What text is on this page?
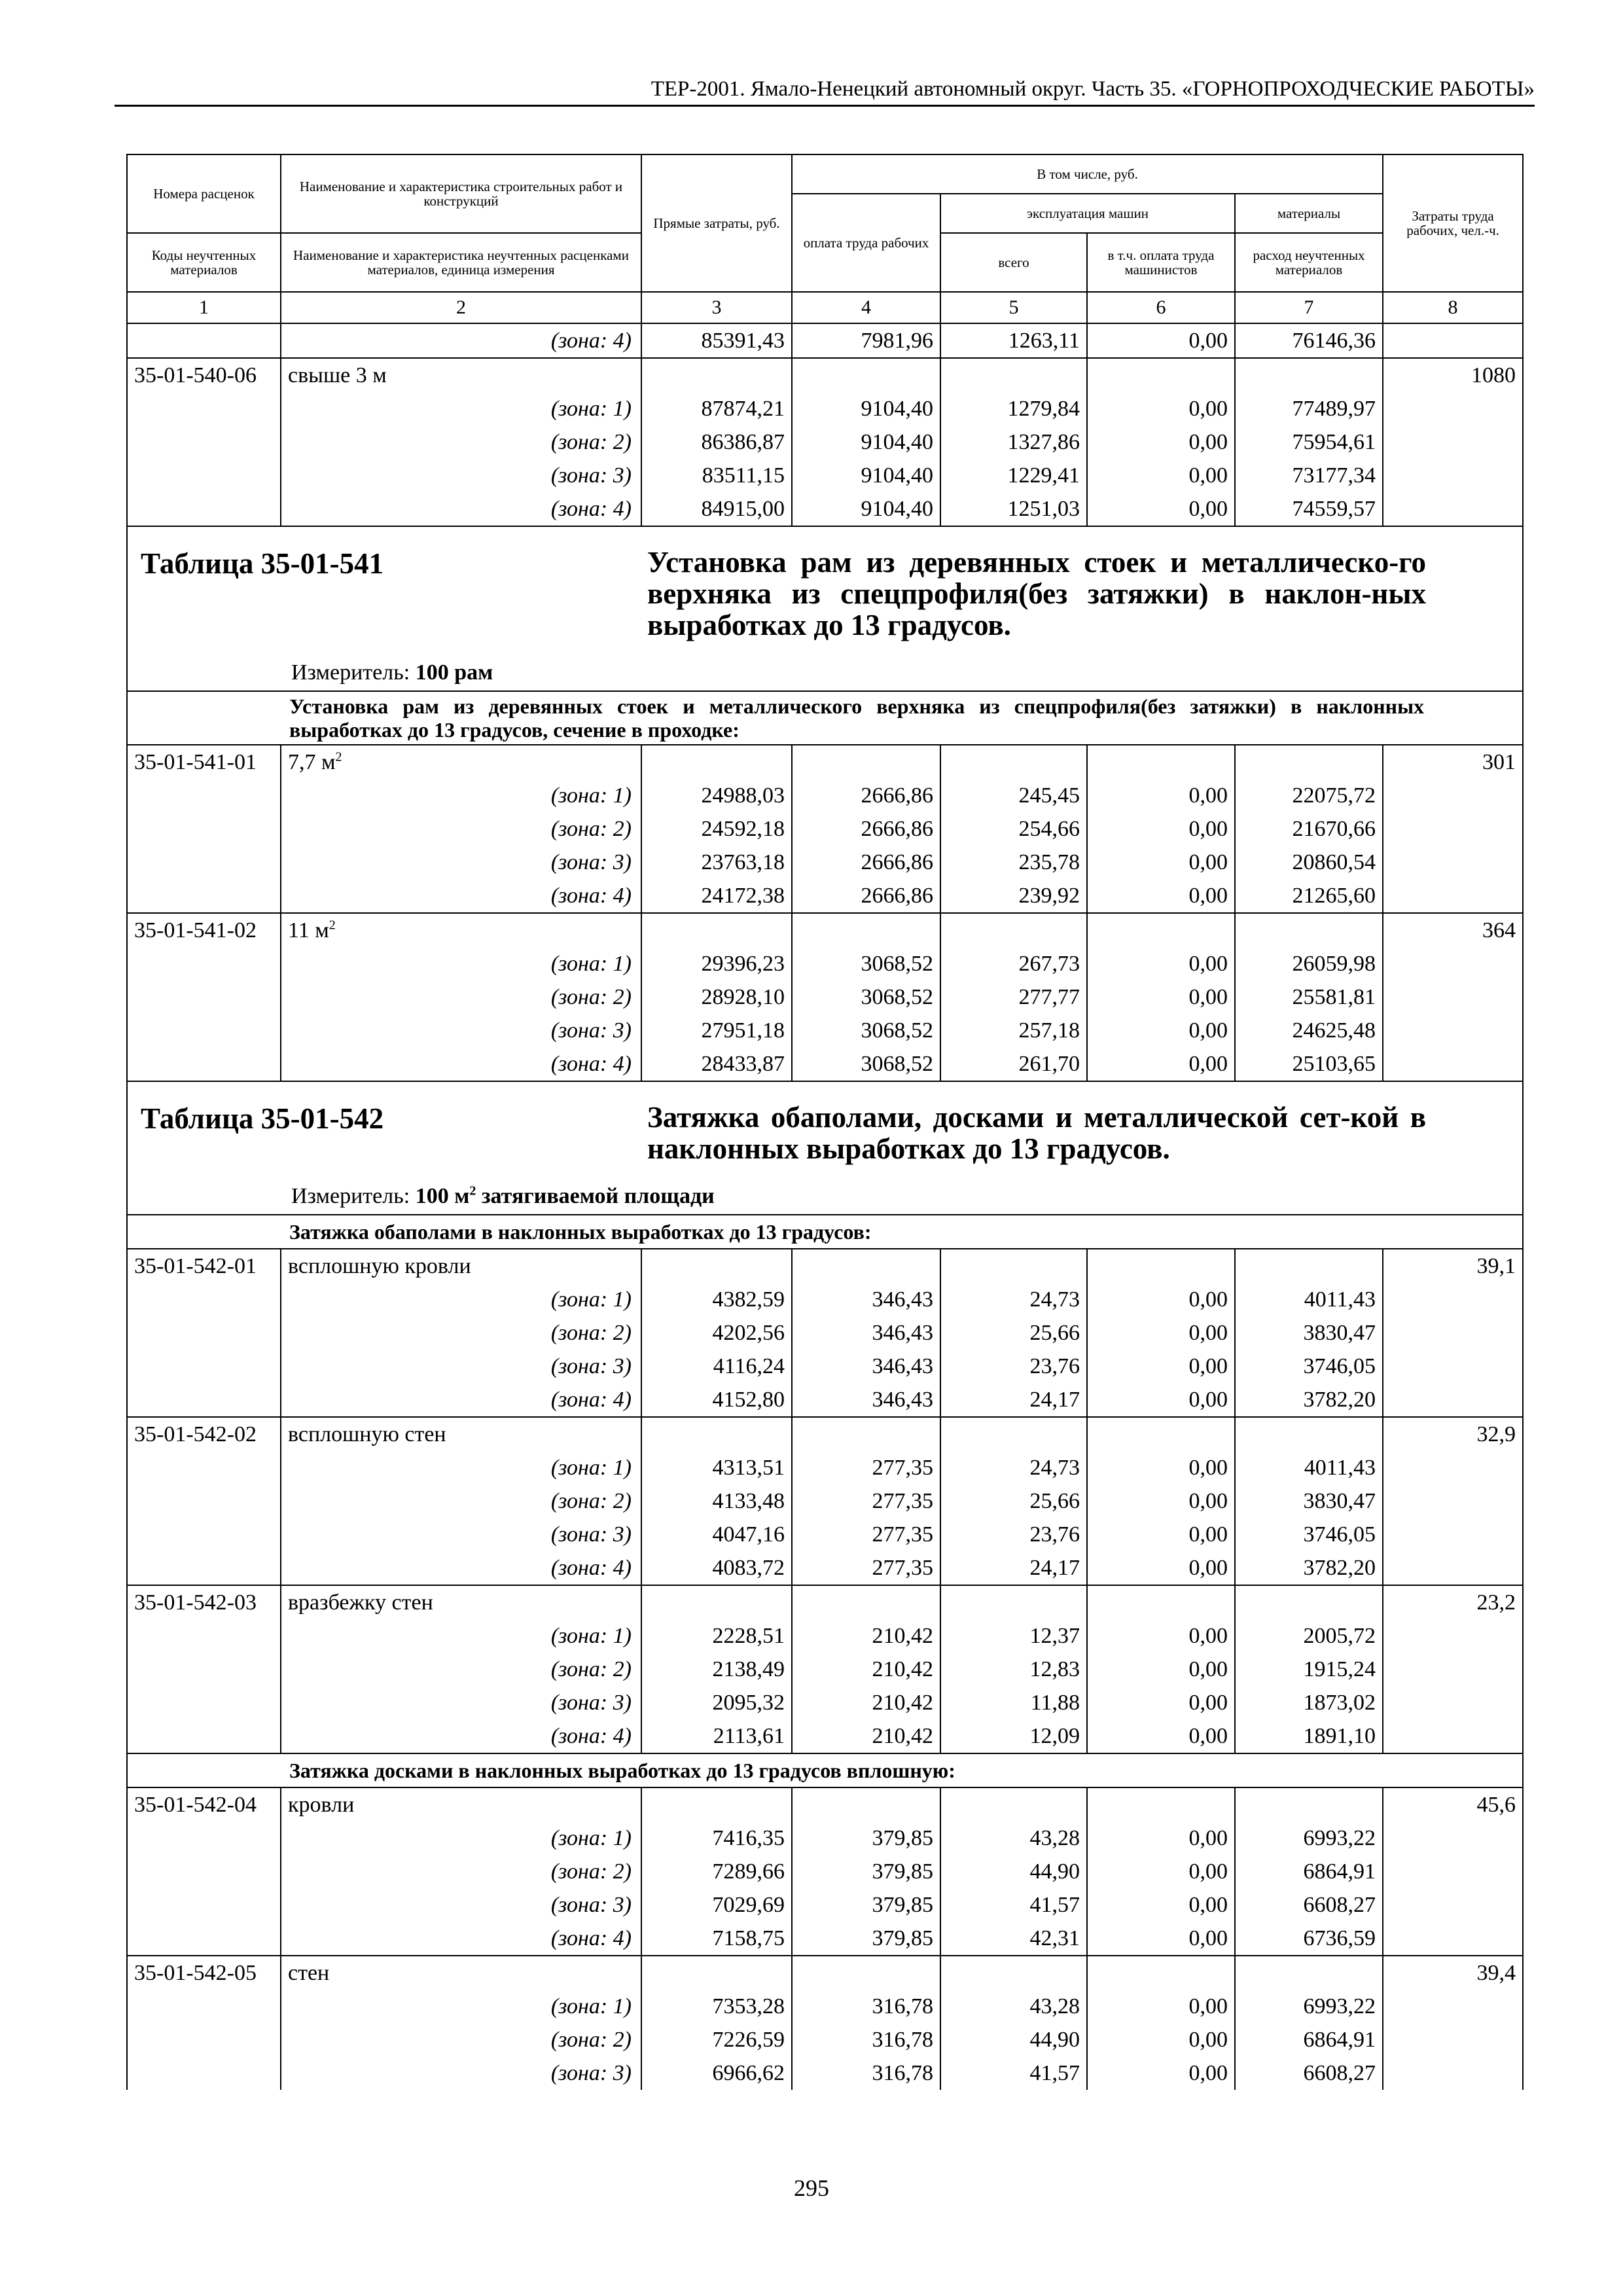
ТЕР-2001. Ямало-Ненецкий автономный округ. Часть 35. «ГОРНОПРОХОДЧЕСКИЕ РАБОТЫ»
Номера расценок	Наименование и характеристика строительных работ и конструкций	Прямые затраты, руб.	В том числе, руб.				Затраты труда рабочих, чел.-ч.
			оплата труда рабочих	эксплуатация машин		материалы	
Коды неучтенных материалов	Наименование и характеристика неучтенных расценками материалов, единица измерения			всего	в т.ч. оплата труда машинистов	расход неучтенных материалов	
1	2	3	4	5	6	7	8
	(зона: 4)	85391,43	7981,96	1263,11	0,00	76146,36	
35-01-540-06	свыше 3 м						1080
	(зона: 1)	87874,21	9104,40	1279,84	0,00	77489,97	
	(зона: 2)	86386,87	9104,40	1327,86	0,00	75954,61	
	(зона: 3)	83511,15	9104,40	1229,41	0,00	73177,34	
	(зона: 4)	84915,00	9104,40	1251,03	0,00	74559,57	

Таблица 35-01-541 Установка рам из деревянных стоек и металлическо-го верхняка из спецпрофиля(без затяжки) в наклон-ных выработках до 13 градусов.
Измеритель: 100 рам							

Установка рам из деревянных стоек и металлического верхняка из спецпрофиля(без затяжки) в наклонных выработках до 13 градусов, сечение в проходке:							

35-01-541-01	7,7 $м^2$						301
	(зона: 1)	24988,03	2666,86	245,45	0,00	22075,72	
	(зона: 2)	24592,18	2666,86	254,66	0,00	21670,66	
	(зона: 3)	23763,18	2666,86	235,78	0,00	20860,54	
	(зона: 4)	24172,38	2666,86	239,92	0,00	21265,60	
35-01-541-02	11 $м^2$						364
	(зона: 1)	29396,23	3068,52	267,73	0,00	26059,98	
	(зона: 2)	28928,10	3068,52	277,77	0,00	25581,81	
	(зона: 3)	27951,18	3068,52	257,18	0,00	24625,48	
	(зона: 4)	28433,87	3068,52	261,70	0,00	25103,65	

Таблица 35-01-542 Затяжка обаполами, досками и металлической сет-кой в наклонных выработках до 13 градусов.
Измеритель: 100 $м^2$ затягиваемой площади							

Затяжка обаполами в наклонных выработках до 13 градусов:							

35-01-542-01	всплошную кровли						39,1
	(зона: 1)	4382,59	346,43	24,73	0,00	4011,43	
	(зона: 2)	4202,56	346,43	25,66	0,00	3830,47	
	(зона: 3)	4116,24	346,43	23,76	0,00	3746,05	
	(зона: 4)	4152,80	346,43	24,17	0,00	3782,20	
35-01-542-02	всплошную стен						32,9
	(зона: 1)	4313,51	277,35	24,73	0,00	4011,43	
	(зона: 2)	4133,48	277,35	25,66	0,00	3830,47	
	(зона: 3)	4047,16	277,35	23,76	0,00	3746,05	
	(зона: 4)	4083,72	277,35	24,17	0,00	3782,20	
35-01-542-03	вразбежку стен						23,2
	(зона: 1)	2228,51	210,42	12,37	0,00	2005,72	
	(зона: 2)	2138,49	210,42	12,83	0,00	1915,24	
	(зона: 3)	2095,32	210,42	11,88	0,00	1873,02	
	(зона: 4)	2113,61	210,42	12,09	0,00	1891,10	

Затяжка досками в наклонных выработках до 13 градусов вплошную:							

35-01-542-04	кровли						45,6
	(зона: 1)	7416,35	379,85	43,28	0,00	6993,22	
	(зона: 2)	7289,66	379,85	44,90	0,00	6864,91	
	(зона: 3)	7029,69	379,85	41,57	0,00	6608,27	
	(зона: 4)	7158,75	379,85	42,31	0,00	6736,59	
35-01-542-05	стен						39,4
	(зона: 1)	7353,28	316,78	43,28	0,00	6993,22	
	(зона: 2)	7226,59	316,78	44,90	0,00	6864,91	
	(зона: 3)	6966,62	316,78	41,57	0,00	6608,27	
295
